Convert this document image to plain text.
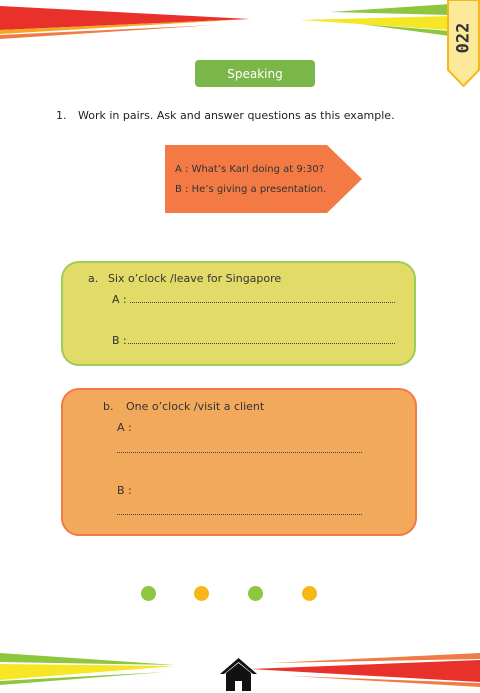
022
Speaking
1. Work in pairs. Ask and answer questions as this example.
A : What’s Karl doing at 9:30?
B : He’s giving a presentation.
a. Six o’clock /leave for Singapore
A :
B :
b. One o’clock /visit a client
A :
B :
